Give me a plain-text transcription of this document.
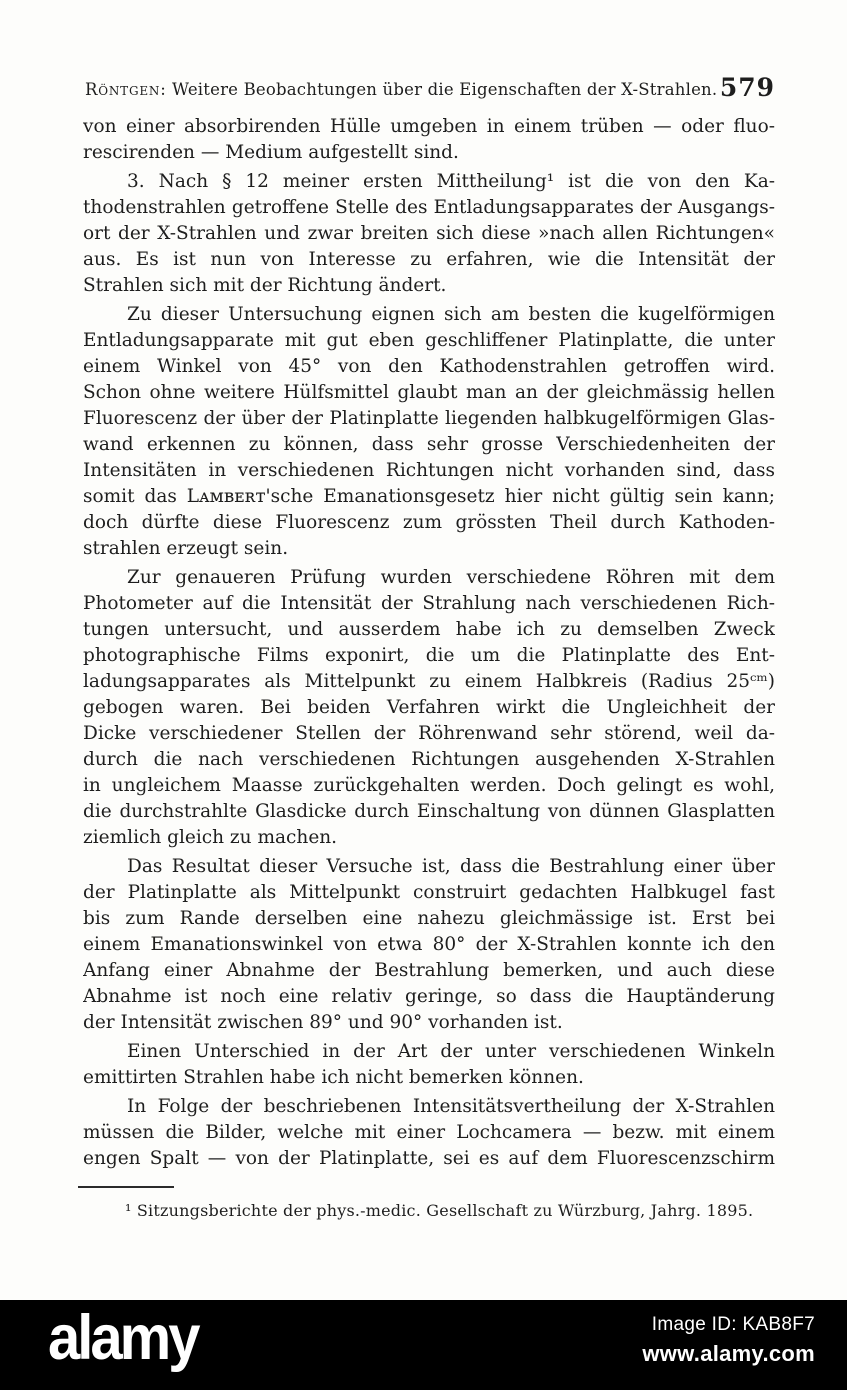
Röntgen: Weitere Beobachtungen über die Eigenschaften der X-Strahlen. 579
von einer absorbirenden Hülle umgeben in einem trüben — oder fluo-
rescirenden — Medium aufgestellt sind.
3. Nach § 12 meiner ersten Mittheilung¹ ist die von den Ka-
thodenstrahlen getroffene Stelle des Entladungsapparates der Ausgangs-
ort der X-Strahlen und zwar breiten sich diese »nach allen Richtungen«
aus. Es ist nun von Interesse zu erfahren, wie die Intensität der
Strahlen sich mit der Richtung ändert.
Zu dieser Untersuchung eignen sich am besten die kugelförmigen
Entladungsapparate mit gut eben geschliffener Platinplatte, die unter
einem Winkel von 45° von den Kathodenstrahlen getroffen wird.
Schon ohne weitere Hülfsmittel glaubt man an der gleichmässig hellen
Fluorescenz der über der Platinplatte liegenden halbkugelförmigen Glas-
wand erkennen zu können, dass sehr grosse Verschiedenheiten der
Intensitäten in verschiedenen Richtungen nicht vorhanden sind, dass
somit das Lᴀᴍʙᴇʀᴛ'sche Emanationsgesetz hier nicht gültig sein kann;
doch dürfte diese Fluorescenz zum grössten Theil durch Kathoden-
strahlen erzeugt sein.
Zur genaueren Prüfung wurden verschiedene Röhren mit dem
Photometer auf die Intensität der Strahlung nach verschiedenen Rich-
tungen untersucht, und ausserdem habe ich zu demselben Zweck
photographische Films exponirt, die um die Platinplatte des Ent-
ladungsapparates als Mittelpunkt zu einem Halbkreis (Radius 25ᶜᵐ)
gebogen waren. Bei beiden Verfahren wirkt die Ungleichheit der
Dicke verschiedener Stellen der Röhrenwand sehr störend, weil da-
durch die nach verschiedenen Richtungen ausgehenden X-Strahlen
in ungleichem Maasse zurückgehalten werden. Doch gelingt es wohl,
die durchstrahlte Glasdicke durch Einschaltung von dünnen Glasplatten
ziemlich gleich zu machen.
Das Resultat dieser Versuche ist, dass die Bestrahlung einer über
der Platinplatte als Mittelpunkt construirt gedachten Halbkugel fast
bis zum Rande derselben eine nahezu gleichmässige ist. Erst bei
einem Emanationswinkel von etwa 80° der X-Strahlen konnte ich den
Anfang einer Abnahme der Bestrahlung bemerken, und auch diese
Abnahme ist noch eine relativ geringe, so dass die Hauptänderung
der Intensität zwischen 89° und 90° vorhanden ist.
Einen Unterschied in der Art der unter verschiedenen Winkeln
emittirten Strahlen habe ich nicht bemerken können.
In Folge der beschriebenen Intensitätsvertheilung der X-Strahlen
müssen die Bilder, welche mit einer Lochcamera — bezw. mit einem
engen Spalt — von der Platinplatte, sei es auf dem Fluorescenzschirm
¹ Sitzungsberichte der phys.-medic. Gesellschaft zu Würzburg, Jahrg. 1895.
alamy	Image ID: KAB8F7
www.alamy.com
